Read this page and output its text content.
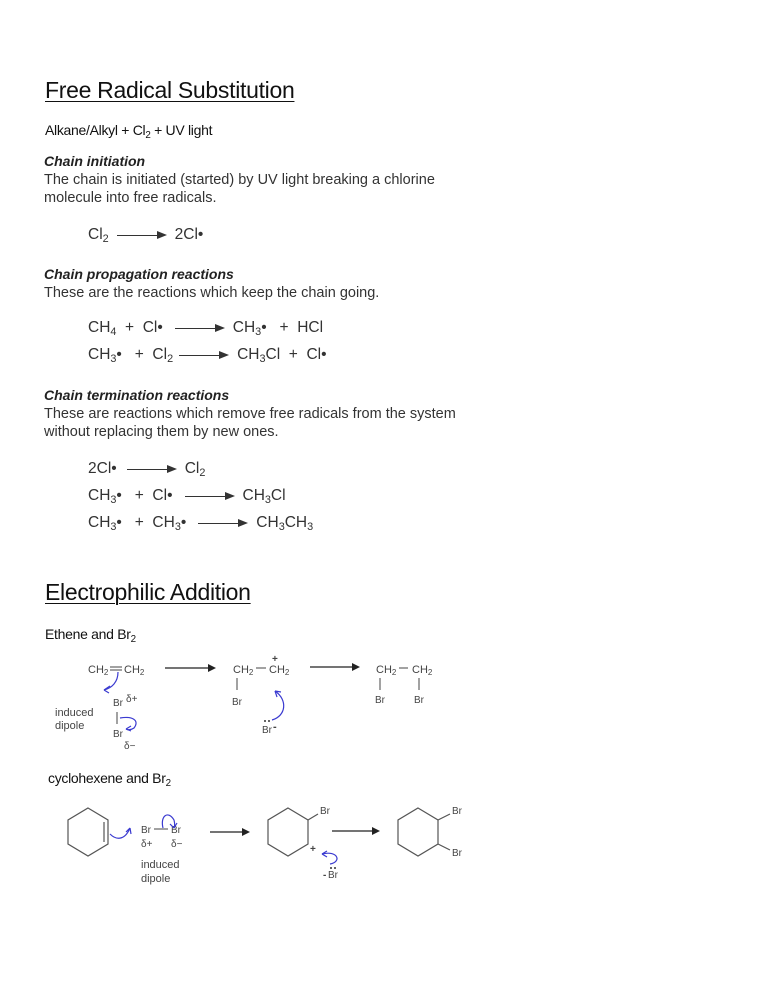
Free Radical Substitution
Alkane/Alkyl + $Cl_2$ + UV light
Chain initiation
The chain is initiated (started) by UV light breaking a chlorine molecule into free radicals.
$Cl_2$	2Cl•
Chain propagation reactions
These are the reactions which keep the chain going.
$CH_4$  +  Cl•	$CH_3•$   +  HCl
$CH_3• + Cl_2$	$CH_3Cl$  +  Cl•
Chain termination reactions
These are reactions which remove free radicals from the system without replacing them by new ones.
2Cl•	$Cl_2$
$CH_3•$   +  Cl•	$CH_3Cl$
$CH_3•$   +  $CH_3•$	$CH_3CH_3$
Electrophilic Addition
Ethene and $Br_2$
CH2 CH2
Br δ+
Br
δ−
induced
dipole
CH2 CH2
+
Br
Br -
CH2 CH2
Br	Br
cyclohexene and $Br_2$
Br Br
δ+ δ−
induced
dipole
Br
+
- Br
Br
Br
